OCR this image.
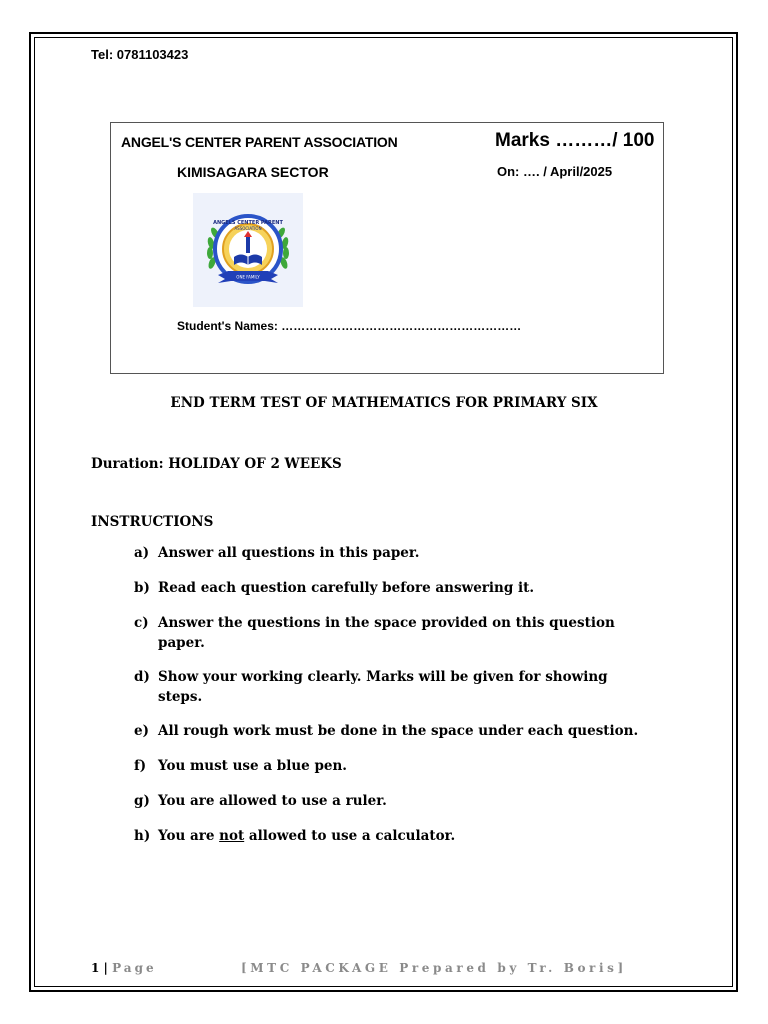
Tel: 0781103423
ANGEL'S CENTER PARENT ASSOCIATION
KIMISAGARA SECTOR
Marks ………/ 100
On: …. / April/2025
ANGELS CENTER PARENT
ASSOCIATION
ONE FAMILY
Student's Names: ……………………………………………………
END TERM TEST OF MATHEMATICS FOR PRIMARY SIX
Duration: HOLIDAY OF 2 WEEKS
INSTRUCTIONS
a) Answer all questions in this paper.
b) Read each question carefully before answering it.
c) Answer the questions in the space provided on this question paper.
d) Show your working clearly. Marks will be given for showing steps.
e) All rough work must be done in the space under each question.
f) You must use a blue pen.
g) You are allowed to use a ruler.
h) You are not allowed to use a calculator.
1 | Page	[MTC PACKAGE Prepared by Tr. Boris]
